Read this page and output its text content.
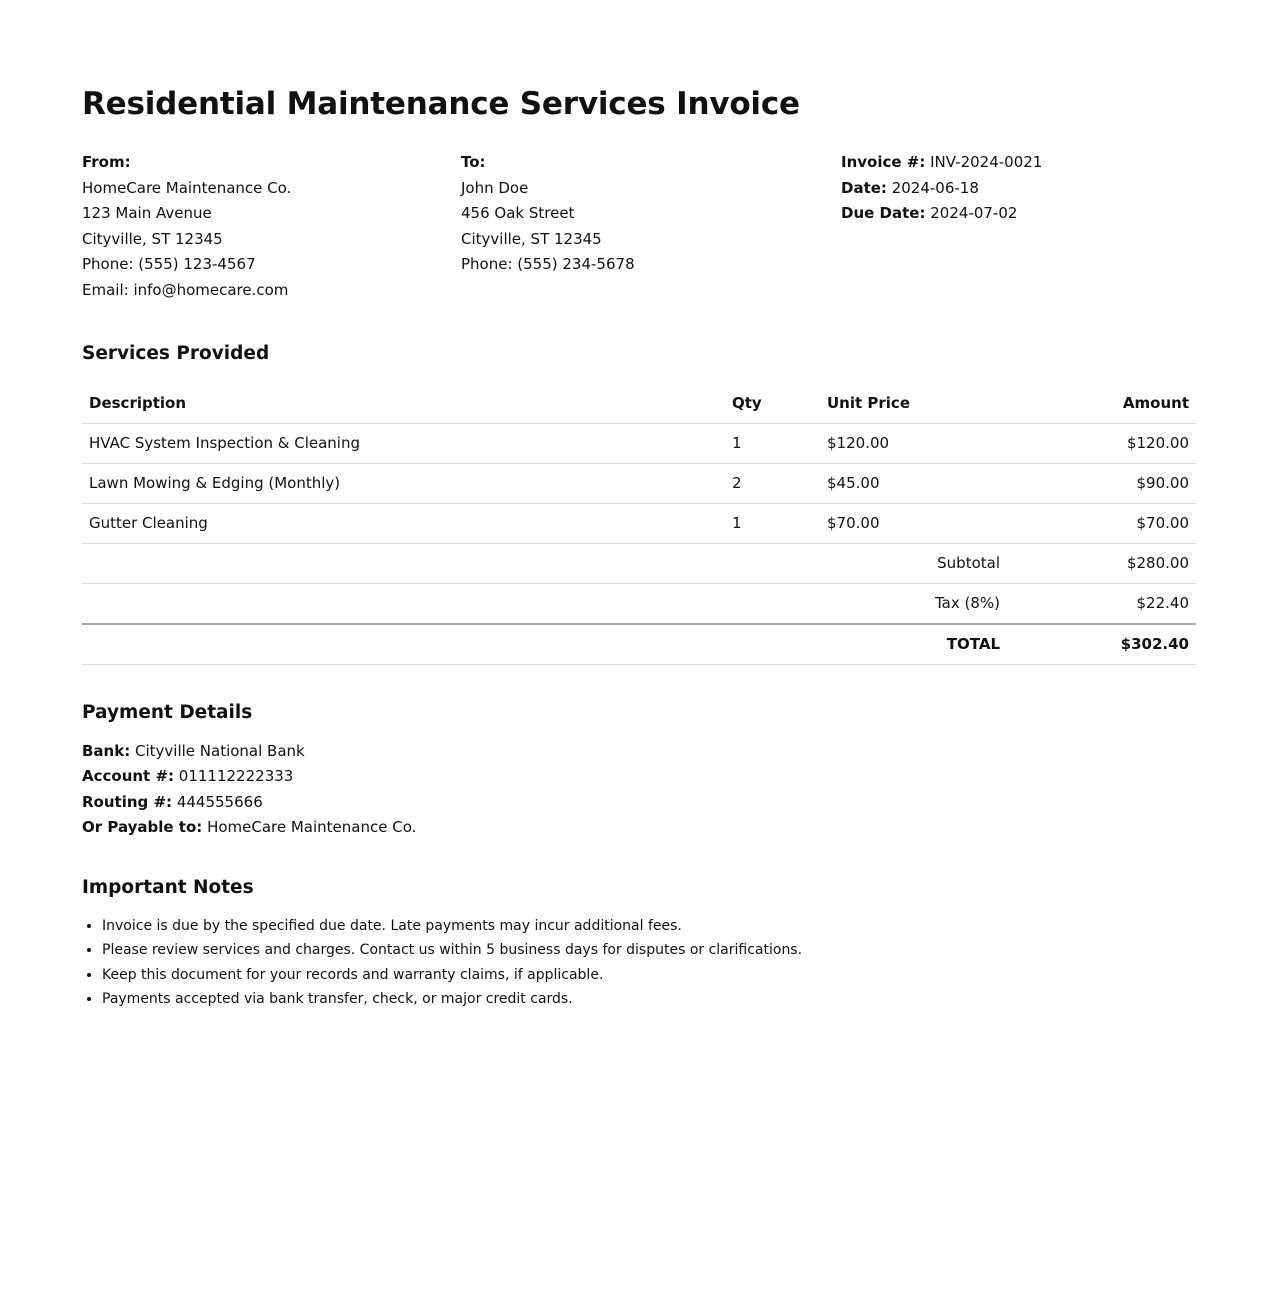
Residential Maintenance Services Invoice
From:
HomeCare Maintenance Co.
123 Main Avenue
Cityville, ST 12345
Phone: (555) 123-4567
Email: info@homecare.com
To:
John Doe
456 Oak Street
Cityville, ST 12345
Phone: (555) 234-5678
Invoice #: INV-2024-0021
Date: 2024-06-18
Due Date: 2024-07-02
Services Provided
Description	Qty	Unit Price	Amount
HVAC System Inspection & Cleaning	1	$120.00	$120.00
Lawn Mowing & Edging (Monthly)	2	$45.00	$90.00
Gutter Cleaning	1	$70.00	$70.00
Subtotal			$280.00
Tax (8%)			$22.40
TOTAL			$302.40
Payment Details
Bank: Cityville National Bank
Account #: 011112222333
Routing #: 444555666
Or Payable to: HomeCare Maintenance Co.
Important Notes
• Invoice is due by the specified due date. Late payments may incur additional fees.
• Please review services and charges. Contact us within 5 business days for disputes or clarifications.
• Keep this document for your records and warranty claims, if applicable.
• Payments accepted via bank transfer, check, or major credit cards.
